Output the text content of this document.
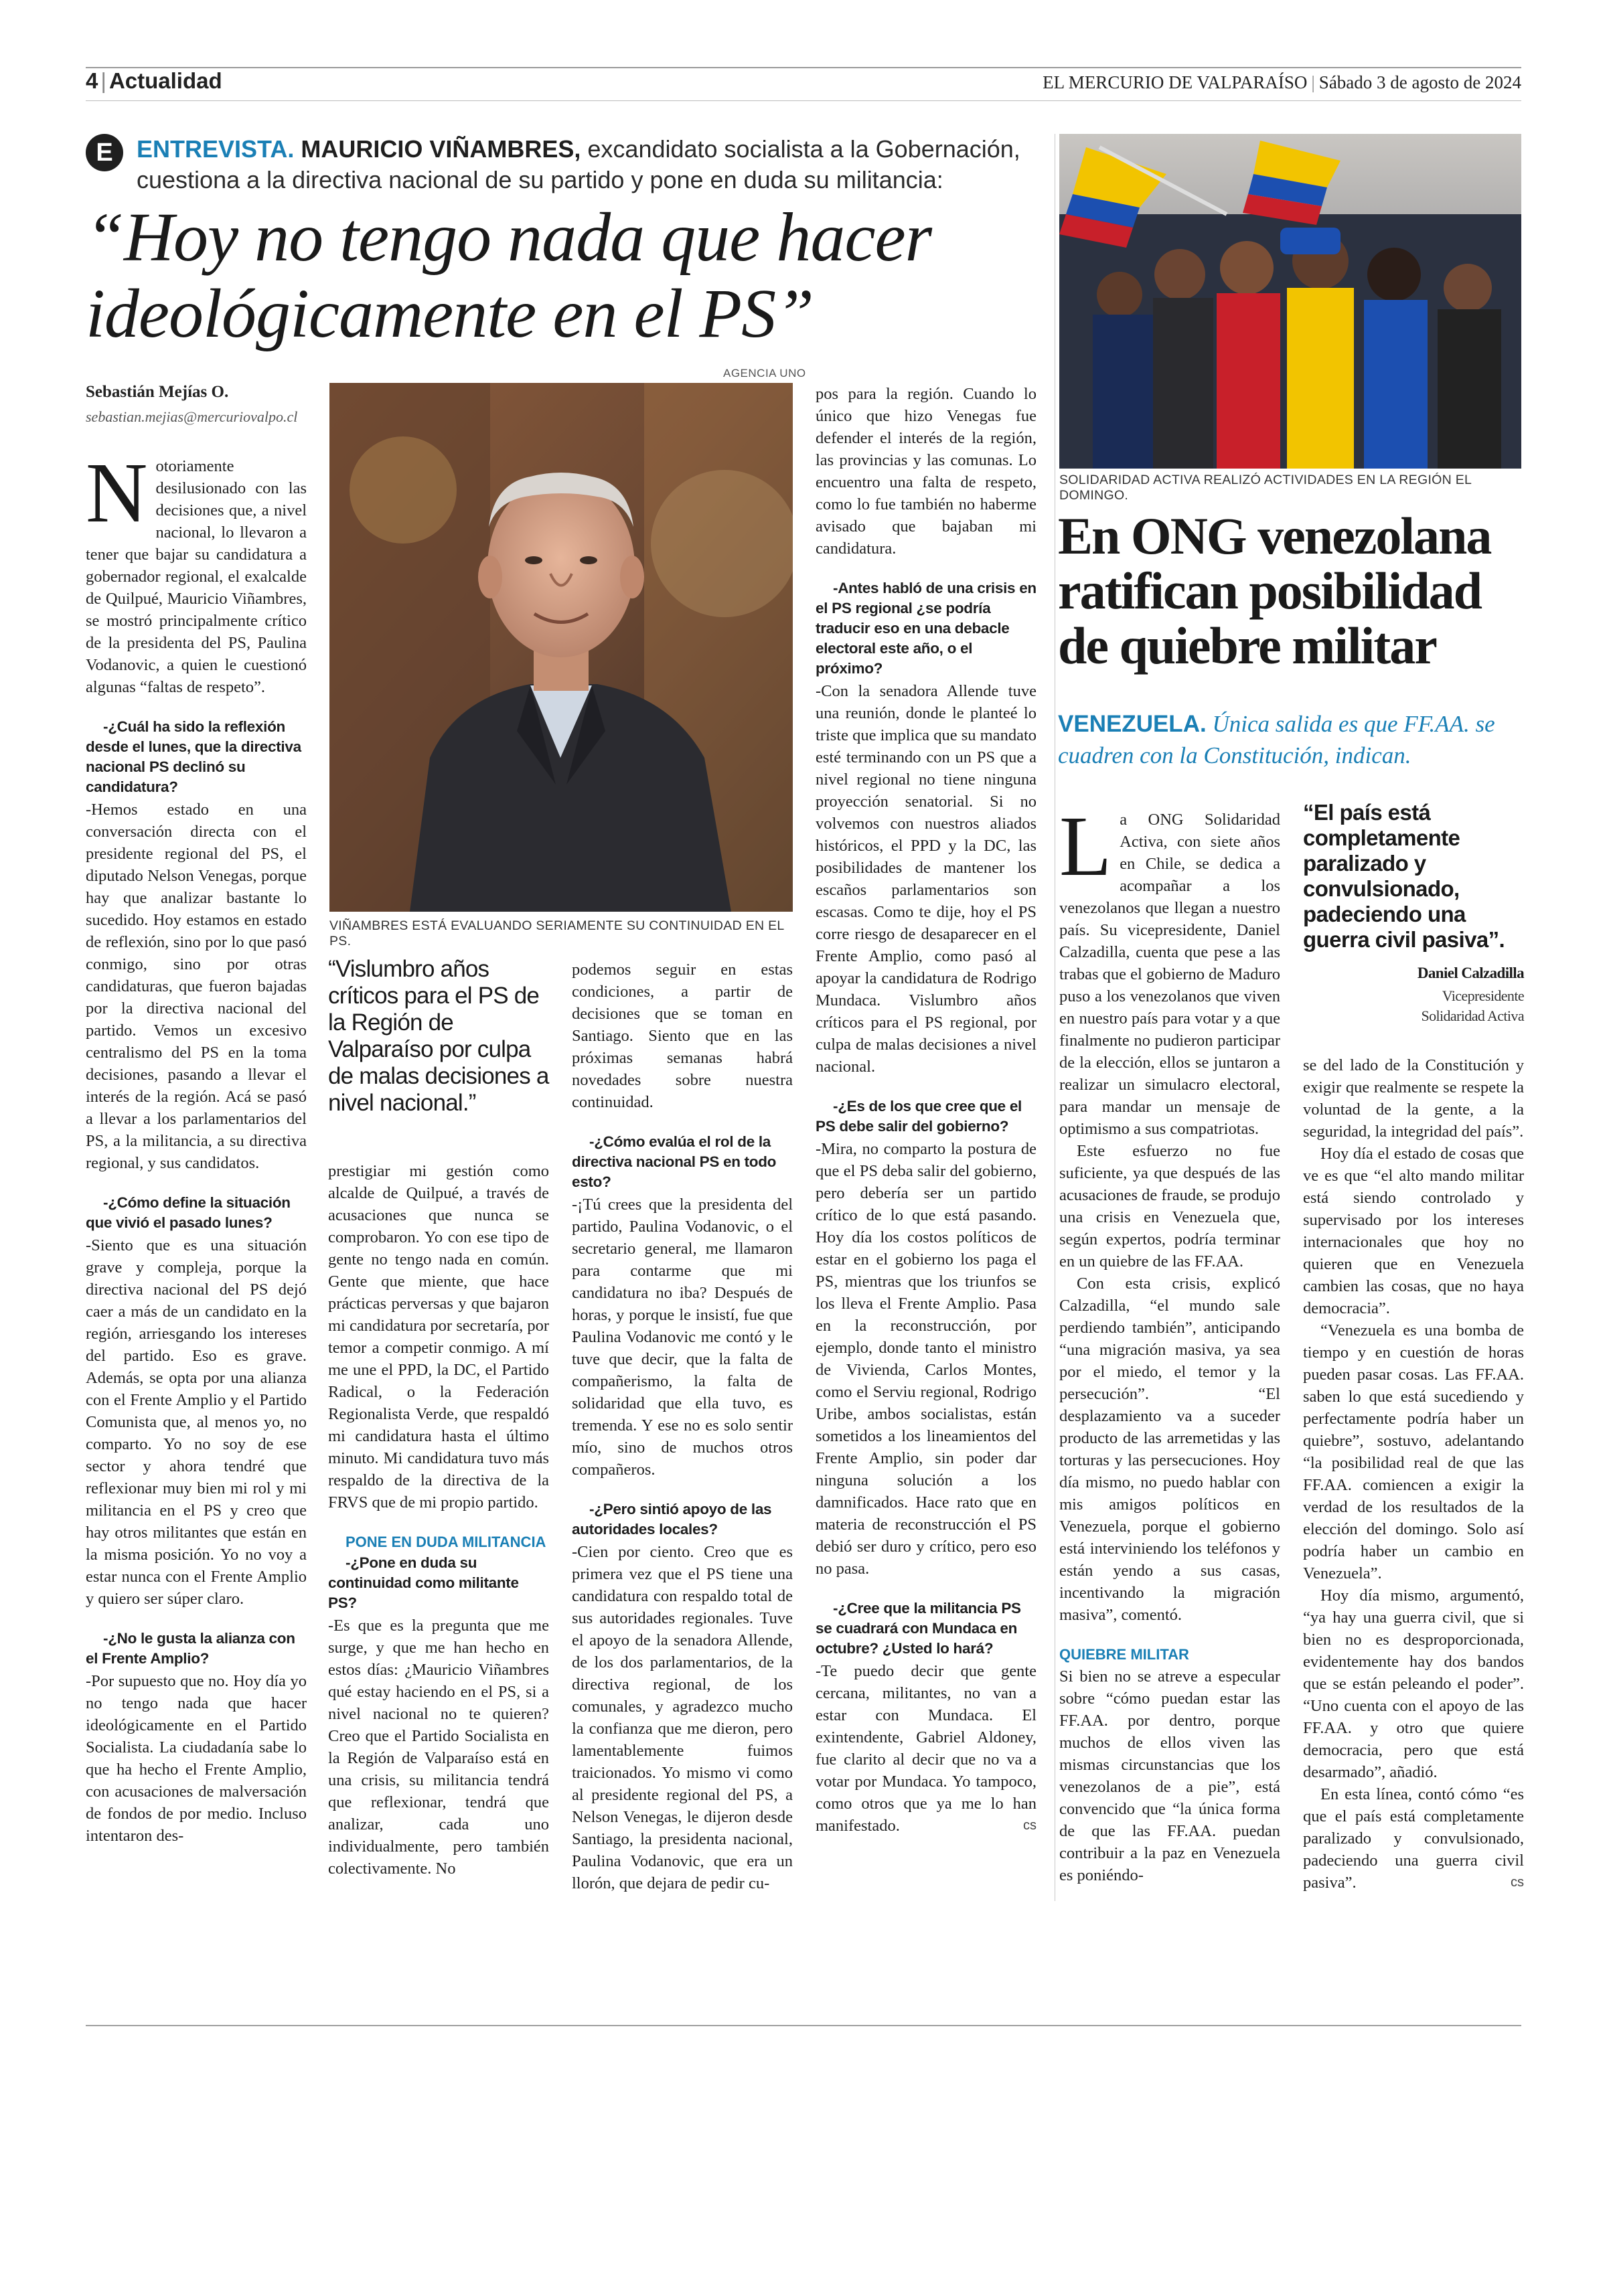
4 | Actualidad	EL MERCURIO DE VALPARAÍSO | Sábado 3 de agosto de 2024
E ENTREVISTA. MAURICIO VIÑAMBRES, excandidato socialista a la Gobernación, cuestiona a la directiva nacional de su partido y pone en duda su militancia:
“Hoy no tengo nada que hacer ideológicamente en el PS”
Sebastián Mejías O.
sebastian.mejias@mercuriovalpo.cl

Notoriamente desilusionado con las decisiones que, a nivel nacional, lo llevaron a tener que bajar su candidatura a gobernador regional, el exalcalde de Quilpué, Mauricio Viñambres, se mostró principalmente crítico de la presidenta del PS, Paulina Vodanovic, a quien le cuestionó algunas “faltas de respeto”.

-¿Cuál ha sido la reflexión desde el lunes, que la directiva nacional PS declinó su candidatura?

-Hemos estado en una conversación directa con el presidente regional del PS, el diputado Nelson Venegas, porque hay que analizar bastante lo sucedido. Hoy estamos en estado de reflexión, sino por lo que pasó conmigo, sino por otras candidaturas, que fueron bajadas por la directiva nacional del partido. Vemos un excesivo centralismo del PS en la toma decisiones, pasando a llevar el interés de la región. Acá se pasó a llevar a los parlamentarios del PS, a la militancia, a su directiva regional, y sus candidatos.

-¿Cómo define la situación que vivió el pasado lunes?

-Siento que es una situación grave y compleja, porque la directiva nacional del PS dejó caer a más de un candidato en la región, arriesgando los intereses del partido. Eso es grave. Además, se opta por una alianza con el Frente Amplio y el Partido Comunista que, al menos yo, no comparto. Yo no soy de ese sector y ahora tendré que reflexionar muy bien mi rol y mi militancia en el PS y creo que hay otros militantes que están en la misma posición. Yo no voy a estar nunca con el Frente Amplio y quiero ser súper claro.

-¿No le gusta la alianza con el Frente Amplio?

-Por supuesto que no. Hoy día yo no tengo nada que hacer ideológicamente en el Partido Socialista. La ciudadanía sabe lo que ha hecho el Frente Amplio, con acusaciones de malversación de fondos de por medio. Incluso intentaron des-

AGENCIA UNO
VIÑAMBRES ESTÁ EVALUANDO SERIAMENTE SU CONTINUIDAD EN EL PS.
“Vislumbro años críticos para el PS de la Región de Valparaíso por culpa de malas decisiones a nivel nacional.”

prestigiar mi gestión como alcalde de Quilpué, a través de acusaciones que nunca se comprobaron. Yo con ese tipo de gente no tengo nada en común. Gente que miente, que hace prácticas perversas y que bajaron mi candidatura por secretaría, por temor a competir conmigo. A mí me une el PPD, la DC, el Partido Radical, o la Federación Regionalista Verde, que respaldó mi candidatura hasta el último minuto. Mi candidatura tuvo más respaldo de la directiva de la FRVS que de mi propio partido.

PONE EN DUDA MILITANCIA

-¿Pone en duda su continuidad como militante PS?

-Es que es la pregunta que me surge, y que me han hecho en estos días: ¿Mauricio Viñambres qué estay haciendo en el PS, si a nivel nacional no te quieren? Creo que el Partido Socialista en la Región de Valparaíso está en una crisis, su militancia tendrá que reflexionar, tendrá que analizar, cada uno individualmente, pero también colectivamente. No

podemos seguir en estas condiciones, a partir de decisiones que se toman en Santiago. Siento que en las próximas semanas habrá novedades sobre nuestra continuidad.

-¿Cómo evalúa el rol de la directiva nacional PS en todo esto?

-¡Tú crees que la presidenta del partido, Paulina Vodanovic, o el secretario general, me llamaron para contarme que mi candidatura no iba? Después de horas, y porque le insistí, fue que Paulina Vodanovic me contó y le tuve que decir, que la falta de compañerismo, la falta de solidaridad que ella tuvo, es tremenda. Y ese no es solo sentir mío, sino de muchos otros compañeros.

-¿Pero sintió apoyo de las autoridades locales?

-Cien por ciento. Creo que es primera vez que el PS tiene una candidatura con respaldo total de sus autoridades regionales. Tuve el apoyo de la senadora Allende, de los dos parlamentarios, de la directiva regional, de los comunales, y agradezco mucho la confianza que me dieron, pero lamentablemente fuimos traicionados. Yo mismo vi como al presidente regional del PS, a Nelson Venegas, le dijeron desde Santiago, la presidenta nacional, Paulina Vodanovic, que era un llorón, que dejara de pedir cu-

pos para la región. Cuando lo único que hizo Venegas fue defender el interés de la región, las provincias y las comunas. Lo encuentro una falta de respeto, como lo fue también no haberme avisado que bajaban mi candidatura.

-Antes habló de una crisis en el PS regional ¿se podría traducir eso en una debacle electoral este año, o el próximo?

-Con la senadora Allende tuve una reunión, donde le planteé lo triste que implica que su mandato esté terminando con un PS que a nivel regional no tiene ninguna proyección senatorial. Si no volvemos con nuestros aliados históricos, el PPD y la DC, las posibilidades de mantener los escaños parlamentarios son escasas. Como te dije, hoy el PS corre riesgo de desaparecer en el Frente Amplio, como pasó al apoyar la candidatura de Rodrigo Mundaca. Vislumbro años críticos para el PS regional, por culpa de malas decisiones a nivel nacional.

-¿Es de los que cree que el PS debe salir del gobierno?

-Mira, no comparto la postura de que el PS deba salir del gobierno, pero debería ser un partido crítico de lo que está pasando. Hoy día los costos políticos de estar en el gobierno los paga el PS, mientras que los triunfos se los lleva el Frente Amplio. Pasa en la reconstrucción, por ejemplo, donde tanto el ministro de Vivienda, Carlos Montes, como el Serviu regional, Rodrigo Uribe, ambos socialistas, están sometidos a los lineamientos del Frente Amplio, sin poder dar ninguna solución a los damnificados. Hace rato que en materia de reconstrucción el PS debió ser duro y crítico, pero eso no pasa.

-¿Cree que la militancia PS se cuadrará con Mundaca en octubre? ¿Usted lo hará?

-Te puedo decir que gente cercana, militantes, no van a estar con Mundaca. El exintendente, Gabriel Aldoney, fue clarito al decir que no va a votar por Mundaca. Yo tampoco, como otros que ya me lo han manifestado.	cs

SOLIDARIDAD ACTIVA REALIZÓ ACTIVIDADES EN LA REGIÓN EL DOMINGO.
En ONG venezolana ratifican posibilidad de quiebre militar
VENEZUELA. Única salida es que FF.AA. se cuadren con la Constitución, indican.

La ONG Solidaridad Activa, con siete años en Chile, se dedica a acompañar a los venezolanos que llegan a nuestro país. Su vicepresidente, Daniel Calzadilla, cuenta que pese a las trabas que el gobierno de Maduro puso a los venezolanos que viven en nuestro país para votar y a que finalmente no pudieron participar de la elección, ellos se juntaron a realizar un simulacro electoral, para mandar un mensaje de optimismo a sus compatriotas.

Este esfuerzo no fue suficiente, ya que después de las acusaciones de fraude, se produjo una crisis en Venezuela que, según expertos, podría terminar en un quiebre de las FF.AA.

Con esta crisis, explicó Calzadilla, “el mundo sale perdiendo también”, anticipando “una migración masiva, ya sea por el miedo, el temor y la persecución”. “El desplazamiento va a suceder producto de las arremetidas y las torturas y las persecuciones. Hoy día mismo, no puedo hablar con mis amigos políticos en Venezuela, porque el gobierno está interviniendo los teléfonos y están yendo a sus casas, incentivando la migración masiva”, comentó.

QUIEBRE MILITAR

Si bien no se atreve a especular sobre “cómo puedan estar las FF.AA. por dentro, porque muchos de ellos viven las mismas circunstancias que los venezolanos de a pie”, está convencido que “la única forma de que las FF.AA. puedan contribuir a la paz en Venezuela es poniéndo-

“El país está completamente paralizado y convulsionado, padeciendo una guerra civil pasiva”.
Daniel Calzadilla
Vicepresidente
Solidaridad Activa

se del lado de la Constitución y exigir que realmente se respete la voluntad de la gente, a la seguridad, la integridad del país”.

Hoy día el estado de cosas que ve es que “el alto mando militar está siendo controlado y supervisado por los intereses internacionales que hoy no quieren que en Venezuela cambien las cosas, que no haya democracia”.

“Venezuela es una bomba de tiempo y en cuestión de horas pueden pasar cosas. Las FF.AA. saben lo que está sucediendo y perfectamente podría haber un quiebre”, sostuvo, adelantando “la posibilidad real de que las FF.AA. comiencen a exigir la verdad de los resultados de la elección del domingo. Solo así podría haber un cambio en Venezuela”.

Hoy día mismo, argumentó, “ya hay una guerra civil, que si bien no es desproporcionada, evidentemente hay dos bandos que se están peleando el poder”. “Uno cuenta con el apoyo de las FF.AA. y otro que quiere democracia, pero que está desarmado”, añadió.

En esta línea, contó cómo “es que el país está completamente paralizado y convulsionado, padeciendo una guerra civil pasiva”.	cs
